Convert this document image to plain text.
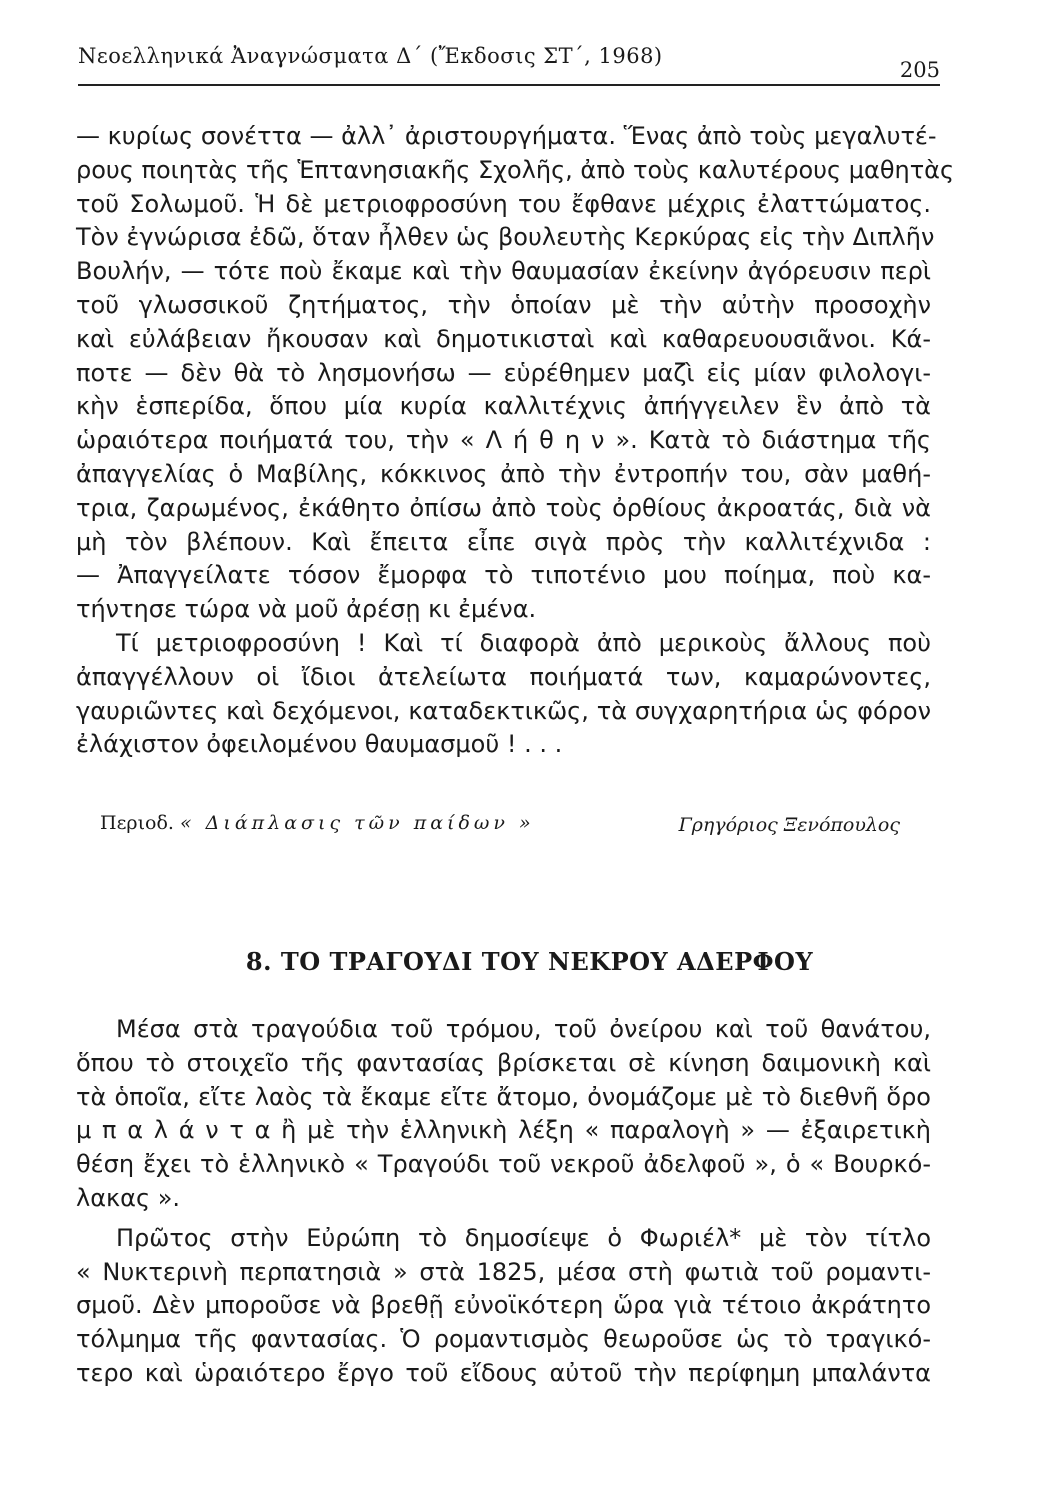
Νεοελληνικά Ἀναγνώσματα Δ΄ (Ἔκδοσις ΣΤ΄, 1968)
205
— κυρίως σονέττα — ἀλλ᾽ ἀριστουργήματα. Ἕνας ἀπὸ τοὺς μεγαλυτέ-
ρους ποιητὰς τῆς Ἑπτανησιακῆς Σχολῆς, ἀπὸ τοὺς καλυτέρους μαθητὰς
τοῦ Σολωμοῦ. Ἡ δὲ μετριοφροσύνη του ἔφθανε μέχρις ἐλαττώματος.
Τὸν ἐγνώρισα ἐδῶ, ὅταν ἦλθεν ὡς βουλευτὴς Κερκύρας εἰς τὴν Διπλῆν
Βουλήν, — τότε ποὺ ἔκαμε καὶ τὴν θαυμασίαν ἐκείνην ἀγόρευσιν περὶ
τοῦ γλωσσικοῦ ζητήματος, τὴν ὁποίαν μὲ τὴν αὐτὴν προσοχὴν
καὶ εὐλάβειαν ἤκουσαν καὶ δημοτικισταὶ καὶ καθαρευουσιᾶνοι. Κά-
ποτε — δὲν θὰ τὸ λησμονήσω — εὑρέθημεν μαζὶ εἰς μίαν φιλολογι-
κὴν ἑσπερίδα, ὅπου μία κυρία καλλιτέχνις ἀπήγγειλεν ἓν ἀπὸ τὰ
ὡραιότερα ποιήματά του, τὴν « Λ ή θ η ν ». Κατὰ τὸ διάστημα τῆς
ἀπαγγελίας ὁ Μαβίλης, κόκκινος ἀπὸ τὴν ἐντροπήν του, σὰν μαθή-
τρια, ζαρωμένος, ἐκάθητο ὀπίσω ἀπὸ τοὺς ὀρθίους ἀκροατάς, διὰ νὰ
μὴ τὸν βλέπουν. Καὶ ἔπειτα εἶπε σιγὰ πρὸς τὴν καλλιτέχνιδα :
— Ἀπαγγείλατε τόσον ἔμορφα τὸ τιποτένιο μου ποίημα, ποὺ κα-
τήντησε τώρα νὰ μοῦ ἀρέσῃ κι ἐμένα.
Τί μετριοφροσύνη ! Καὶ τί διαφορὰ ἀπὸ μερικοὺς ἄλλους ποὺ
ἀπαγγέλλουν οἱ ἴδιοι ἀτελείωτα ποιήματά των, καμαρώνοντες,
γαυριῶντες καὶ δεχόμενοι, καταδεκτικῶς, τὰ συγχαρητήρια ὡς φόρον
ἐλάχιστον ὀφειλομένου θαυμασμοῦ ! . . .
Περιοδ. « Διάπλασις τῶν παίδων »	Γρηγόριος Ξενόπουλος
8. ΤΟ ΤΡΑΓΟΥΔΙ ΤΟΥ ΝΕΚΡΟΥ ΑΔΕΡΦΟΥ
Μέσα στὰ τραγούδια τοῦ τρόμου, τοῦ ὀνείρου καὶ τοῦ θανάτου,
ὅπου τὸ στοιχεῖο τῆς φαντασίας βρίσκεται σὲ κίνηση δαιμονικὴ καὶ
τὰ ὁποῖα, εἴτε λαὸς τὰ ἔκαμε εἴτε ἄτομο, ὀνομάζομε μὲ τὸ διεθνῆ ὅρο
μ π α λ ά ν τ α ἢ μὲ τὴν ἑλληνικὴ λέξη « παραλογὴ » — ἐξαιρετικὴ
θέση ἔχει τὸ ἑλληνικὸ « Τραγούδι τοῦ νεκροῦ ἀδελφοῦ », ὁ « Βουρκό-
λακας ».
Πρῶτος στὴν Εὐρώπη τὸ δημοσίεψε ὁ Φωριέλ* μὲ τὸν τίτλο
« Νυκτερινὴ περπατησιὰ » στὰ 1825, μέσα στὴ φωτιὰ τοῦ ρομαντι-
σμοῦ. Δὲν μποροῦσε νὰ βρεθῇ εὐνοϊκότερη ὥρα γιὰ τέτοιο ἀκράτητο
τόλμημα τῆς φαντασίας. Ὁ ρομαντισμὸς θεωροῦσε ὡς τὸ τραγικό-
τερο καὶ ὡραιότερο ἔργο τοῦ εἴδους αὐτοῦ τὴν περίφημη μπαλάντα
